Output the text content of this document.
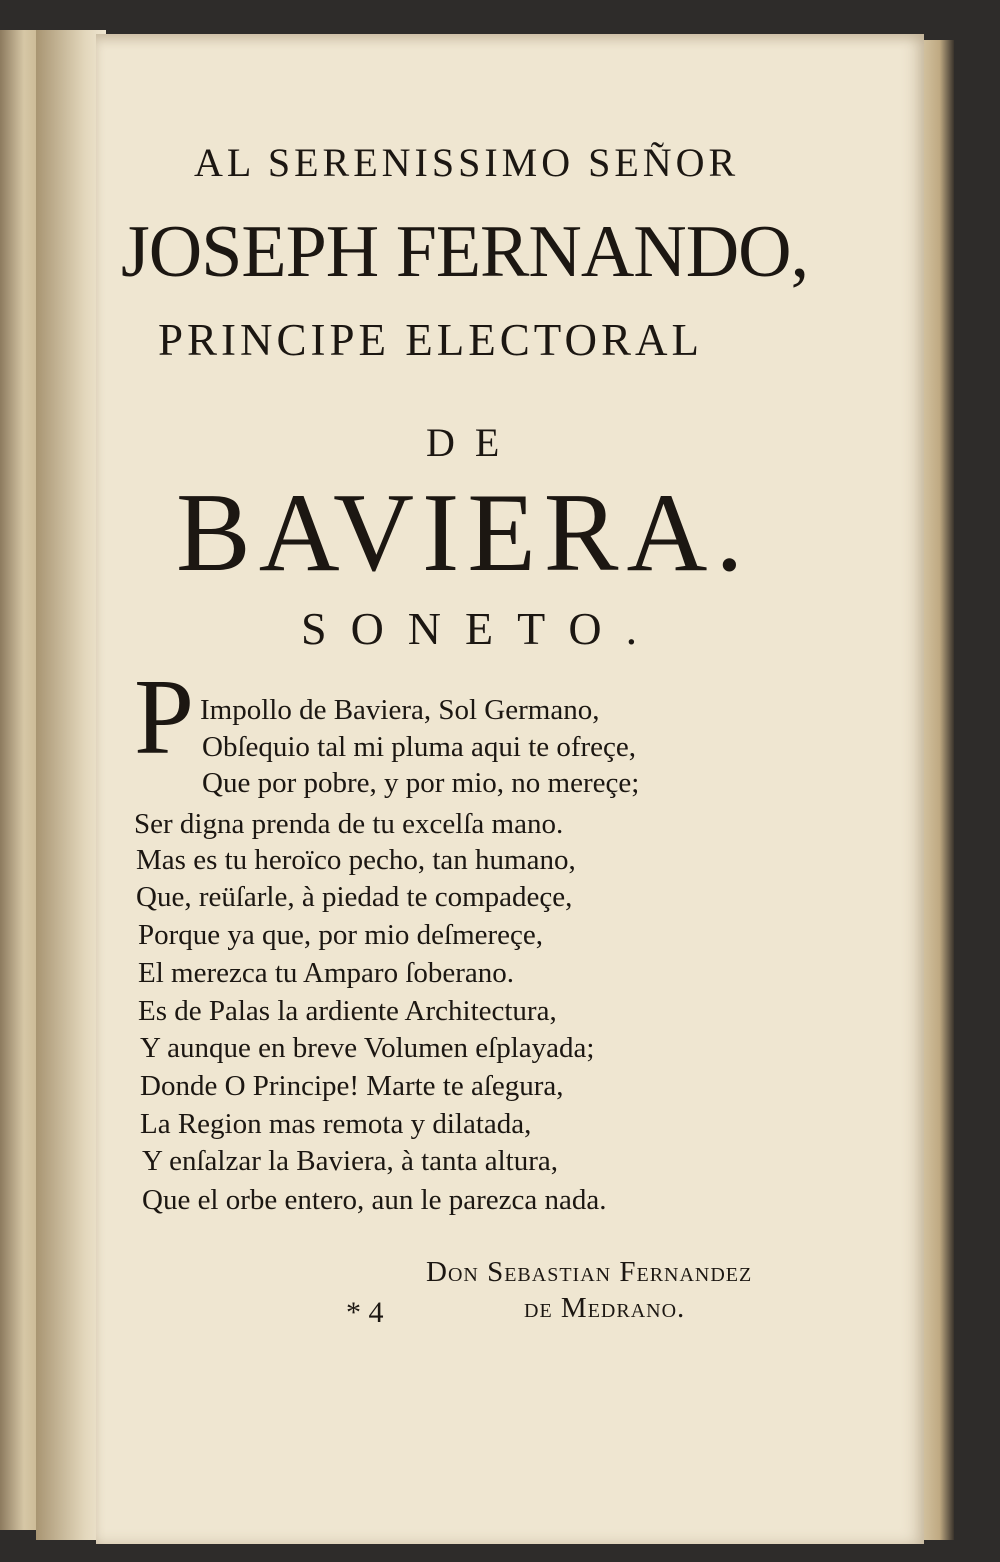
AL SERENISSIMO SEÑOR
JOSEPH FERNANDO,
PRINCIPE ELECTORAL
DE
BAVIERA.
SONETO.
P Impollo de Baviera, Sol Germano,
Obſequio tal mi pluma aqui te ofreçe,
Que por pobre, y por mio, no mereçe;
Ser digna prenda de tu excelſa mano.
Mas es tu heroïco pecho, tan humano,
Que, reüſarle, à piedad te compadeçe,
Porque ya que, por mio deſmereçe,
El merezca tu Amparo ſoberano.
Es de Palas la ardiente Architectura,
Y aunque en breve Volumen eſplayada;
Donde O Principe! Marte te aſegura,
La Region mas remota y dilatada,
Y enſalzar la Baviera, à tanta altura,
Que el orbe entero, aun le parezca nada.
Don Sebastian Fernandez
de Medrano.
* 4
